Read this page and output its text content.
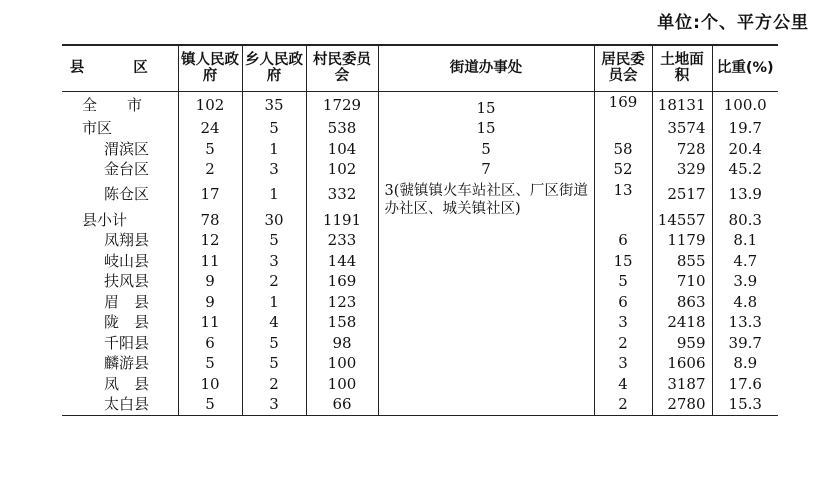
单位:个、平方公里
县 区	镇人民政府	乡人民政府	村民委员会	街道办事处	居民委员会	土地面积	比重(%)
全　　市	102	35	1729	15	169	18131	100.0
市区	24	5	538	15		3574	19.7
渭滨区	5	1	104	5	58	728	20.4
金台区	2	3	102	7	52	329	45.2
陈仓区	17	1	332	3(虢镇镇火车站社区、厂区街道办社区、城关镇社区)	13	2517	13.9
县小计	78	30	1191			14557	80.3
凤翔县	12	5	233		6	1179	8.1
岐山县	11	3	144		15	855	4.7
扶风县	9	2	169		5	710	3.9
眉　县	9	1	123		6	863	4.8
陇　县	11	4	158		3	2418	13.3
千阳县	6	5	98		2	959	39.7
麟游县	5	5	100		3	1606	8.9
凤　县	10	2	100		4	3187	17.6
太白县	5	3	66		2	2780	15.3
